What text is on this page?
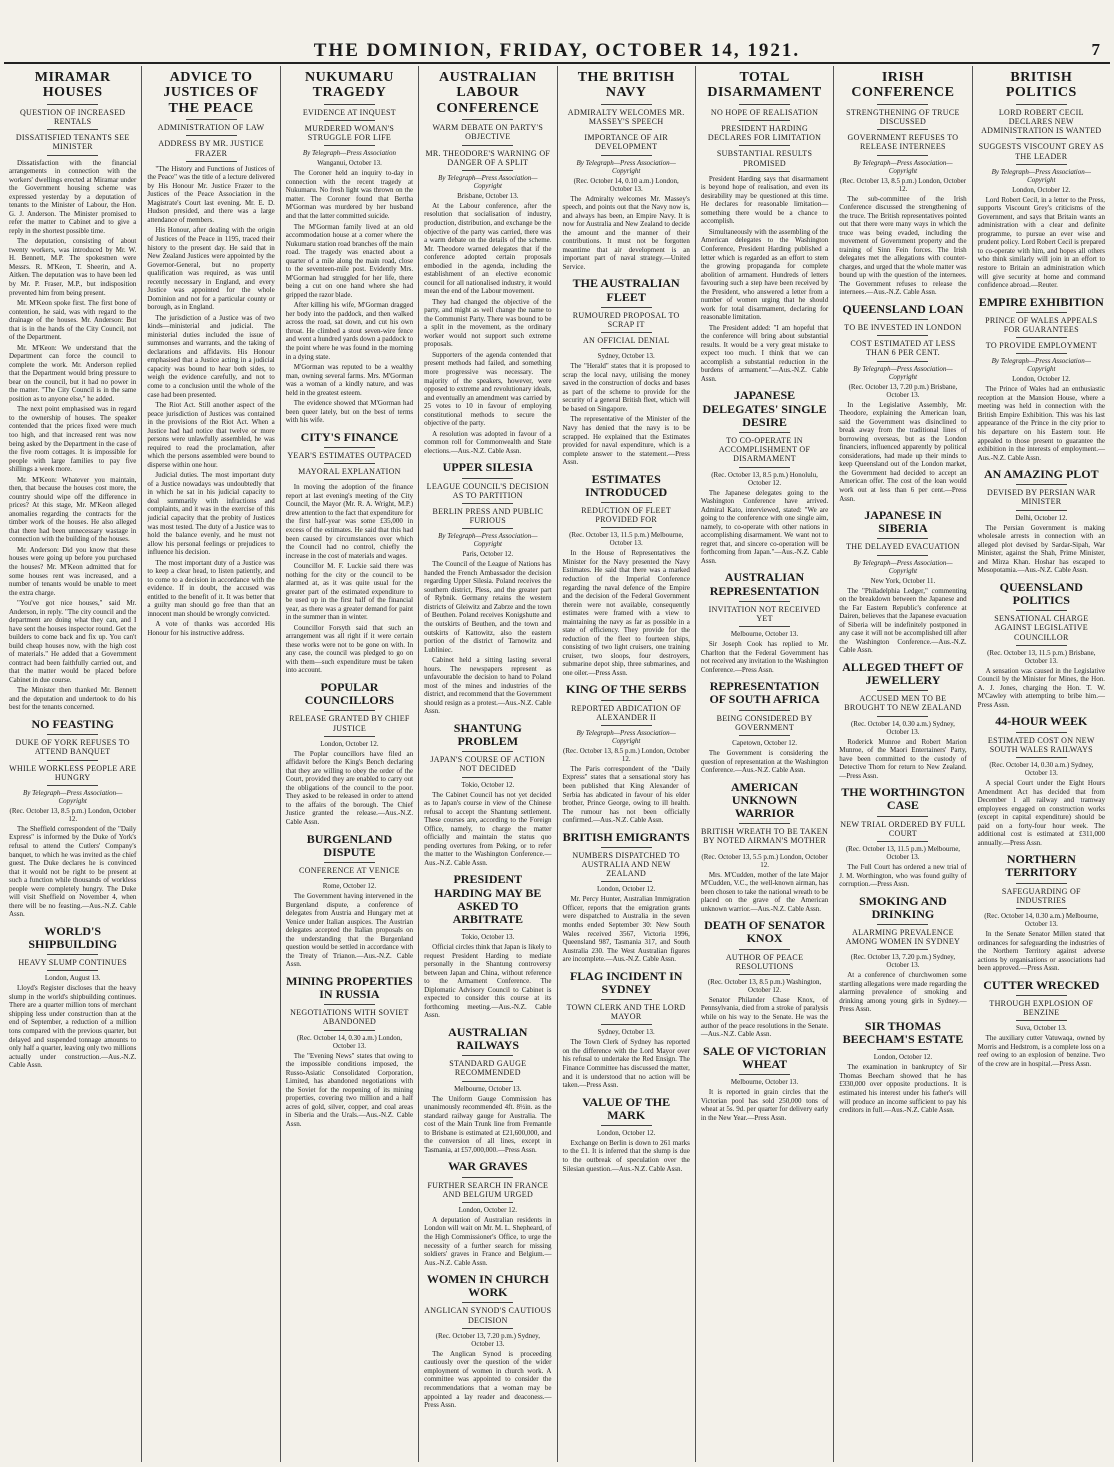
THE DOMINION, FRIDAY, OCTOBER 14, 1921.	7
MIRAMAR HOUSES
QUESTION OF INCREASED RENTALS
DISSATISFIED TENANTS SEE MINISTER

Dissatisfaction with the financial arrangements in connection with the workers' dwellings erected at Miramar under the Government housing scheme was expressed yesterday by a deputation of tenants to the Minister of Labour, the Hon. G. J. Anderson. The Minister promised to refer the matter to Cabinet and to give a reply in the shortest possible time.

The deputation, consisting of about twenty workers, was introduced by Mr. W. H. Bennett, M.P. The spokesmen were Messrs. R. M'Keon, T. Sheerin, and A. Aitken. The deputation was to have been led by Mr. P. Fraser, M.P., but indisposition prevented him from being present.

Mr. M'Keon spoke first. The first bone of contention, he said, was with regard to the drainage of the houses. Mr. Anderson: But that is in the hands of the City Council, not of the Department.

Mr. M'Keon: We understand that the Department can force the council to complete the work. Mr. Anderson replied that the Department would bring pressure to bear on the council, but it had no power in the matter. "The City Council is in the same position as to anyone else," he added.

The next point emphasised was in regard to the ownership of houses. The speaker contended that the prices fixed were much too high, and that increased rent was now being asked by the Department in the case of the five room cottages. It is impossible for people with large families to pay five shillings a week more.

Mr. M'Keon: Whatever you maintain, then, that because the houses cost more, the country should wipe off the difference in prices? At this stage, Mr. M'Keon alleged anomalies regarding the contracts for the timber work of the houses. He also alleged that there had been unnecessary wastage in connection with the building of the houses.

Mr. Anderson: Did you know that these houses were going up before you purchased the houses? Mr. M'Keon admitted that for some houses rent was increased, and a number of tenants would be unable to meet the extra charge.

"You've got nice houses," said Mr. Anderson, in reply. "The city council and the department are doing what they can, and I have sent the houses inspector round. Get the builders to come back and fix up. You can't build cheap houses now, with the high cost of materials." He added that a Government contract had been faithfully carried out, and that the matter would be placed before Cabinet in due course.

The Minister then thanked Mr. Bennett and the deputation and undertook to do his best for the tenants concerned.

NO FEASTING
DUKE OF YORK REFUSES TO ATTEND BANQUET
WHILE WORKLESS PEOPLE ARE HUNGRY
By Telegraph—Press Association—Copyright
(Rec. October 13, 8.5 p.m.) London, October 12.

The Sheffield correspondent of the "Daily Express" is informed by the Duke of York's refusal to attend the Cutlers' Company's banquet, to which he was invited as the chief guest. The Duke declares he is convinced that it would not be right to be present at such a function while thousands of workless people were completely hungry. The Duke will visit Sheffield on November 4, when there will be no feasting.—Aus.-N.Z. Cable Assn.

WORLD'S SHIPBUILDING
HEAVY SLUMP CONTINUES
London, August 13.

Lloyd's Register discloses that the heavy slump in the world's shipbuilding continues. There are a quarter million tons of merchant shipping less under construction than at the end of September, a reduction of a million tons compared with the previous quarter, but delayed and suspended tonnage amounts to only half a quarter, leaving only two millions actually under construction.—Aus.-N.Z. Cable Assn.

ADVICE TO JUSTICES OF THE PEACE
ADMINISTRATION OF LAW
ADDRESS BY MR. JUSTICE FRAZER

"The History and Functions of Justices of the Peace" was the title of a lecture delivered by His Honour Mr. Justice Frazer to the Justices of the Peace Association in the Magistrate's Court last evening. Mr. E. D. Hudson presided, and there was a large attendance of members.

His Honour, after dealing with the origin of Justices of the Peace in 1195, traced their history to the present day. He said that in New Zealand Justices were appointed by the Governor-General, but no property qualification was required, as was until recently necessary in England, and every Justice was appointed for the whole Dominion and not for a particular county or borough, as in England.

The jurisdiction of a Justice was of two kinds—ministerial and judicial. The ministerial duties included the issue of summonses and warrants, and the taking of declarations and affidavits. His Honour emphasised that a Justice acting in a judicial capacity was bound to hear both sides, to weigh the evidence carefully, and not to come to a conclusion until the whole of the case had been presented.

The Riot Act. Still another aspect of the peace jurisdiction of Justices was contained in the provisions of the Riot Act. When a Justice had had notice that twelve or more persons were unlawfully assembled, he was required to read the proclamation, after which the persons assembled were bound to disperse within one hour.

Judicial duties. The most important duty of a Justice nowadays was undoubtedly that in which he sat in his judicial capacity to deal summarily with infractions and complaints, and it was in the exercise of this judicial capacity that the probity of Justices was most tested. The duty of a Justice was to hold the balance evenly, and he must not allow his personal feelings or prejudices to influence his decision.

The most important duty of a Justice was to keep a clear head, to listen patiently, and to come to a decision in accordance with the evidence. If in doubt, the accused was entitled to the benefit of it. It was better that a guilty man should go free than that an innocent man should be wrongly convicted.

A vote of thanks was accorded His Honour for his instructive address.

NUKUMARU TRAGEDY
EVIDENCE AT INQUEST
MURDERED WOMAN'S STRUGGLE FOR LIFE
By Telegraph—Press Association
Wanganui, October 13.

The Coroner held an inquiry to-day in connection with the recent tragedy at Nukumaru. No fresh light was thrown on the matter. The Coroner found that Bertha M'Gorman was murdered by her husband and that the latter committed suicide.

The M'Gorman family lived at an old accommodation house at a corner where the Nukumaru station road branches off the main road. The tragedy was enacted about a quarter of a mile along the main road, close to the seventeen-mile post. Evidently Mrs. M'Gorman had struggled for her life, there being a cut on one hand where she had gripped the razor blade.

After killing his wife, M'Gorman dragged her body into the paddock, and then walked across the road, sat down, and cut his own throat. He climbed a stout seven-wire fence and went a hundred yards down a paddock to the point where he was found in the morning in a dying state.

M'Gorman was reputed to be a wealthy man, owning several farms. Mrs. M'Gorman was a woman of a kindly nature, and was held in the greatest esteem.

The evidence showed that M'Gorman had been queer lately, but on the best of terms with his wife.

CITY'S FINANCE
YEAR'S ESTIMATES OUTPACED
MAYORAL EXPLANATION

In moving the adoption of the finance report at last evening's meeting of the City Council, the Mayor (Mr. R. A. Wright, M.P.) drew attention to the fact that expenditure for the first half-year was some £35,000 in excess of the estimates. He said that this had been caused by circumstances over which the Council had no control, chiefly the increase in the cost of materials and wages.

Councillor M. F. Luckie said there was nothing for the city or the council to be alarmed at, as it was quite usual for the greater part of the estimated expenditure to be used up in the first half of the financial year, as there was a greater demand for paint in the summer than in winter.

Councillor Forsyth said that such an arrangement was all right if it were certain these works were not to be gone on with. In any case, the council was pledged to go on with them—such expenditure must be taken into account.

POPULAR COUNCILLORS
RELEASE GRANTED BY CHIEF JUSTICE
London, October 12.

The Poplar councillors have filed an affidavit before the King's Bench declaring that they are willing to obey the order of the Court, provided they are enabled to carry out the obligations of the council to the poor. They asked to be released in order to attend to the affairs of the borough. The Chief Justice granted the release.—Aus.-N.Z. Cable Assn.

BURGENLAND DISPUTE
CONFERENCE AT VENICE
Rome, October 12.

The Government having intervened in the Burgenland dispute, a conference of delegates from Austria and Hungary met at Venice under Italian auspices. The Austrian delegates accepted the Italian proposals on the understanding that the Burgenland question would be settled in accordance with the Treaty of Trianon.—Aus.-N.Z. Cable Assn.

MINING PROPERTIES IN RUSSIA
NEGOTIATIONS WITH SOVIET ABANDONED
(Rec. October 14, 0.30 a.m.) London, October 13.

The "Evening News" states that owing to the impossible conditions imposed, the Russo-Asiatic Consolidated Corporation, Limited, has abandoned negotiations with the Soviet for the reopening of its mining properties, covering two million and a half acres of gold, silver, copper, and coal areas in Siberia and the Urals.—Aus.-N.Z. Cable Assn.

AUSTRALIAN LABOUR CONFERENCE
WARM DEBATE ON PARTY'S OBJECTIVE
MR. THEODORE'S WARNING OF DANGER OF A SPLIT
By Telegraph—Press Association—Copyright
Brisbane, October 13.

At the Labour conference, after the resolution that socialisation of industry, production, distribution, and exchange be the objective of the party was carried, there was a warm debate on the details of the scheme. Mr. Theodore warned delegates that if the conference adopted certain proposals embodied in the agenda, including the establishment of an elective economic council for all nationalised industry, it would mean the end of the Labour movement.

They had changed the objective of the party, and might as well change the name to the Communist Party. There was bound to be a split in the movement, as the ordinary worker would not support such extreme proposals.

Supporters of the agenda contended that present methods had failed, and something more progressive was necessary. The majority of the speakers, however, were opposed to extreme and revolutionary ideals, and eventually an amendment was carried by 25 votes to 10 in favour of employing constitutional methods to secure the objective of the party.

A resolution was adopted in favour of a common roll for Commonwealth and State elections.—Aus.-N.Z. Cable Assn.

UPPER SILESIA
LEAGUE COUNCIL'S DECISION AS TO PARTITION
BERLIN PRESS AND PUBLIC FURIOUS
By Telegraph—Press Association—Copyright
Paris, October 12.

The Council of the League of Nations has handed the French Ambassador the decision regarding Upper Silesia. Poland receives the southern district, Pless, and the greater part of Rybnik. Germany retains the western districts of Gleiwitz and Zabrze and the town of Beuthen. Poland receives Konigshutte and the outskirts of Beuthen, and the town and outskirts of Kattowitz, also the eastern portion of the district of Tarnowitz and Lubliniec.

Cabinet held a sitting lasting several hours. The newspapers represent as unfavourable the decision to hand to Poland most of the mines and industries of the district, and recommend that the Government should resign as a protest.—Aus.-N.Z. Cable Assn.

SHANTUNG PROBLEM
JAPAN'S COURSE OF ACTION NOT DECIDED
Tokio, October 12.

The Cabinet Council has not yet decided as to Japan's course in view of the Chinese refusal to accept the Shantung settlement. These courses are, according to the Foreign Office, namely, to charge the matter officially and maintain the status quo pending overtures from Peking, or to refer the matter to the Washington Conference.—Aus.-N.Z. Cable Assn.

PRESIDENT HARDING MAY BE ASKED TO ARBITRATE
Tokio, October 13.

Official circles think that Japan is likely to request President Harding to mediate personally in the Shantung controversy between Japan and China, without reference to the Armament Conference. The Diplomatic Advisory Council to Cabinet is expected to consider this course at its forthcoming meeting.—Aus.-N.Z. Cable Assn.

AUSTRALIAN RAILWAYS
STANDARD GAUGE RECOMMENDED
Melbourne, October 13.

The Uniform Gauge Commission has unanimously recommended 4ft. 8½in. as the standard railway gauge for Australia. The cost of the Main Trunk line from Fremantle to Brisbane is estimated at £21,600,000, and the conversion of all lines, except in Tasmania, at £57,000,000.—Press Assn.

WAR GRAVES
FURTHER SEARCH IN FRANCE AND BELGIUM URGED
London, October 12.

A deputation of Australian residents in London will wait on Mr. M. L. Shepheard, of the High Commissioner's Office, to urge the necessity of a further search for missing soldiers' graves in France and Belgium.—Aus.-N.Z. Cable Assn.

WOMEN IN CHURCH WORK
ANGLICAN SYNOD'S CAUTIOUS DECISION
(Rec. October 13, 7.20 p.m.) Sydney, October 13.

The Anglican Synod is proceeding cautiously over the question of the wider employment of women in church work. A committee was appointed to consider the recommendations that a woman may be appointed a lay reader and deaconess.—Press Assn.

THE BRITISH NAVY
ADMIRALTY WELCOMES MR. MASSEY'S SPEECH
IMPORTANCE OF AIR DEVELOPMENT
By Telegraph—Press Association—Copyright
(Rec. October 14, 0.10 a.m.) London, October 13.

The Admiralty welcomes Mr. Massey's speech, and points out that the Navy now is, and always has been, an Empire Navy. It is now for Australia and New Zealand to decide the amount and the manner of their contributions. It must not be forgotten meantime that air development is an important part of naval strategy.—United Service.

THE AUSTRALIAN FLEET
RUMOURED PROPOSAL TO SCRAP IT
AN OFFICIAL DENIAL
Sydney, October 13.

The "Herald" states that it is proposed to scrap the local navy, utilising the money saved in the construction of docks and bases as part of the scheme to provide for the security of a general British fleet, which will be based on Singapore.

The representative of the Minister of the Navy has denied that the navy is to be scrapped. He explained that the Estimates provided for naval expenditure, which is a complete answer to the statement.—Press Assn.

ESTIMATES INTRODUCED
REDUCTION OF FLEET PROVIDED FOR
(Rec. October 13, 11.5 p.m.) Melbourne, October 13.

In the House of Representatives the Minister for the Navy presented the Navy Estimates. He said that there was a marked reduction of the Imperial Conference regarding the naval defence of the Empire and the decision of the Federal Government therein were not available, consequently estimates were framed with a view to maintaining the navy as far as possible in a state of efficiency. They provide for the reduction of the fleet to fourteen ships, consisting of two light cruisers, one training cruiser, two sloops, four destroyers, submarine depot ship, three submarines, and one oiler.—Press Assn.

KING OF THE SERBS
REPORTED ABDICATION OF ALEXANDER II
By Telegraph—Press Association—Copyright
(Rec. October 13, 8.5 p.m.) London, October 12.

The Paris correspondent of the "Daily Express" states that a sensational story has been published that King Alexander of Serbia has abdicated in favour of his elder brother, Prince George, owing to ill health. The rumour has not been officially confirmed.—Aus.-N.Z. Cable Assn.

BRITISH EMIGRANTS
NUMBERS DISPATCHED TO AUSTRALIA AND NEW ZEALAND
London, October 12.

Mr. Percy Hunter, Australian Immigration Officer, reports that the emigration grants were dispatched to Australia in the seven months ended September 30: New South Wales received 3567, Victoria 1996, Queensland 987, Tasmania 317, and South Australia 230. The West Australian figures are incomplete.—Aus.-N.Z. Cable Assn.

FLAG INCIDENT IN SYDNEY
TOWN CLERK AND THE LORD MAYOR
Sydney, October 13.

The Town Clerk of Sydney has reported on the difference with the Lord Mayor over his refusal to undertake the Red Ensign. The Finance Committee has discussed the matter, and it is understood that no action will be taken.—Press Assn.

VALUE OF THE MARK
London, October 12.

Exchange on Berlin is down to 261 marks to the £1. It is inferred that the slump is due to the outbreak of speculation over the Silesian question.—Aus.-N.Z. Cable Assn.

TOTAL DISARMAMENT
NO HOPE OF REALISATION
PRESIDENT HARDING DECLARES FOR LIMITATION
SUBSTANTIAL RESULTS PROMISED

President Harding says that disarmament is beyond hope of realisation, and even its desirability may be questioned at this time. He declares for reasonable limitation—something there would be a chance to accomplish.

Simultaneously with the assembling of the American delegates to the Washington Conference, President Harding published a letter which is regarded as an effort to stem the growing propaganda for complete abolition of armament. Hundreds of letters favouring such a step have been received by the President, who answered a letter from a number of women urging that he should work for total disarmament, declaring for reasonable limitation.

The President added: "I am hopeful that the conference will bring about substantial results. It would be a very great mistake to expect too much. I think that we can accomplish a substantial reduction in the burdens of armament."—Aus.-N.Z. Cable Assn.

JAPANESE DELEGATES' SINGLE DESIRE
TO CO-OPERATE IN ACCOMPLISHMENT OF DISARMAMENT
(Rec. October 13, 8.5 p.m.) Honolulu, October 12.

The Japanese delegates going to the Washington Conference have arrived. Admiral Kato, interviewed, stated: "We are going to the conference with one single aim, namely, to co-operate with other nations in accomplishing disarmament. We want not to regret that, and sincere co-operation will be forthcoming from Japan."—Aus.-N.Z. Cable Assn.

AUSTRALIAN REPRESENTATION
INVITATION NOT RECEIVED YET
Melbourne, October 13.

Sir Joseph Cook has replied to Mr. Charlton that the Federal Government has not received any invitation to the Washington Conference.—Press Assn.

REPRESENTATION OF SOUTH AFRICA
BEING CONSIDERED BY GOVERNMENT
Capetown, October 12.

The Government is considering the question of representation at the Washington Conference.—Aus.-N.Z. Cable Assn.

AMERICAN UNKNOWN WARRIOR
BRITISH WREATH TO BE TAKEN BY NOTED AIRMAN'S MOTHER
(Rec. October 13, 5.5 p.m.) London, October 12.

Mrs. M'Cudden, mother of the late Major M'Cudden, V.C., the well-known airman, has been chosen to take the national wreath to be placed on the grave of the American unknown warrior.—Aus.-N.Z. Cable Assn.

DEATH OF SENATOR KNOX
AUTHOR OF PEACE RESOLUTIONS
(Rec. October 13, 8.5 p.m.) Washington, October 12.

Senator Philander Chase Knox, of Pennsylvania, died from a stroke of paralysis while on his way to the Senate. He was the author of the peace resolutions in the Senate.—Aus.-N.Z. Cable Assn.

SALE OF VICTORIAN WHEAT
Melbourne, October 13.

It is reported in grain circles that the Victorian pool has sold 250,000 tons of wheat at 5s. 9d. per quarter for delivery early in the New Year.—Press Assn.

IRISH CONFERENCE
STRENGTHENING OF TRUCE DISCUSSED
GOVERNMENT REFUSES TO RELEASE INTERNEES
By Telegraph—Press Association—Copyright
(Rec. October 13, 8.5 p.m.) London, October 12.

The sub-committee of the Irish Conference discussed the strengthening of the truce. The British representatives pointed out that there were many ways in which the truce was being evaded, including the movement of Government property and the training of Sinn Fein forces. The Irish delegates met the allegations with counter-charges, and urged that the whole matter was bound up with the question of the internees. The Government refuses to release the internees.—Aus.-N.Z. Cable Assn.

QUEENSLAND LOAN
TO BE INVESTED IN LONDON
COST ESTIMATED AT LESS THAN 6 PER CENT.
By Telegraph—Press Association—Copyright
(Rec. October 13, 7.20 p.m.) Brisbane, October 13.

In the Legislative Assembly, Mr. Theodore, explaining the American loan, said the Government was disinclined to break away from the traditional lines of borrowing overseas, but as the London financiers, influenced apparently by political considerations, had made up their minds to keep Queensland out of the London market, the Government had decided to accept an American offer. The cost of the loan would work out at less than 6 per cent.—Press Assn.

JAPANESE IN SIBERIA
THE DELAYED EVACUATION
By Telegraph—Press Association—Copyright
New York, October 11.

The "Philadelphia Ledger," commenting on the breakdown between the Japanese and the Far Eastern Republic's conference at Dairen, believes that the Japanese evacuation of Siberia will be indefinitely postponed in any case it will not be accomplished till after the Washington Conference.—Aus.-N.Z. Cable Assn.

ALLEGED THEFT OF JEWELLERY
ACCUSED MEN TO BE BROUGHT TO NEW ZEALAND
(Rec. October 14, 0.30 a.m.) Sydney, October 13.

Roderick Munroe and Robert Marion Munroe, of the Maori Entertainers' Party, have been committed to the custody of Detective Thom for return to New Zealand.—Press Assn.

THE WORTHINGTON CASE
NEW TRIAL ORDERED BY FULL COURT
(Rec. October 13, 11.5 p.m.) Melbourne, October 13.

The Full Court has ordered a new trial of J. M. Worthington, who was found guilty of corruption.—Press Assn.

SMOKING AND DRINKING
ALARMING PREVALENCE AMONG WOMEN IN SYDNEY
(Rec. October 13, 7.20 p.m.) Sydney, October 13.

At a conference of churchwomen some startling allegations were made regarding the alarming prevalence of smoking and drinking among young girls in Sydney.—Press Assn.

SIR THOMAS BEECHAM'S ESTATE
London, October 12.

The examination in bankruptcy of Sir Thomas Beecham showed that he has £330,000 over opposite productions. It is estimated his interest under his father's will will produce an income sufficient to pay his creditors in full.—Aus.-N.Z. Cable Assn.

BRITISH POLITICS
LORD ROBERT CECIL DECLARES NEW ADMINISTRATION IS WANTED
SUGGESTS VISCOUNT GREY AS THE LEADER
By Telegraph—Press Association—Copyright
London, October 12.

Lord Robert Cecil, in a letter to the Press, supports Viscount Grey's criticisms of the Government, and says that Britain wants an administration with a clear and definite programme, to pursue an ever wise and prudent policy. Lord Robert Cecil is prepared to co-operate with him, and hopes all others who think similarly will join in an effort to restore to Britain an administration which will give security at home and command confidence abroad.—Reuter.

EMPIRE EXHIBITION
PRINCE OF WALES APPEALS FOR GUARANTEES
TO PROVIDE EMPLOYMENT
By Telegraph—Press Association—Copyright
London, October 12.

The Prince of Wales had an enthusiastic reception at the Mansion House, where a meeting was held in connection with the British Empire Exhibition. This was his last appearance of the Prince in the city prior to his departure on his Eastern tour. He appealed to those present to guarantee the exhibition in the interests of employment.—Aus.-N.Z. Cable Assn.

AN AMAZING PLOT
DEVISED BY PERSIAN WAR MINISTER
Delhi, October 12.

The Persian Government is making wholesale arrests in connection with an alleged plot devised by Sardar-Sipah, War Minister, against the Shah, Prime Minister, and Mirza Khan. Hoshar has escaped to Mesopotamia.—Aus.-N.Z. Cable Assn.

QUEENSLAND POLITICS
SENSATIONAL CHARGE AGAINST LEGISLATIVE COUNCILLOR
(Rec. October 13, 11.5 p.m.) Brisbane, October 13.

A sensation was caused in the Legislative Council by the Minister for Mines, the Hon. A. J. Jones, charging the Hon. T. W. M'Cawley with attempting to bribe him.—Press Assn.

44-HOUR WEEK
ESTIMATED COST ON NEW SOUTH WALES RAILWAYS
(Rec. October 14, 0.30 a.m.) Sydney, October 13.

A special Court under the Eight Hours Amendment Act has decided that from December 1 all railway and tramway employees engaged on construction works (except in capital expenditure) should be paid on a forty-four hour week. The additional cost is estimated at £311,000 annually.—Press Assn.

NORTHERN TERRITORY
SAFEGUARDING OF INDUSTRIES
(Rec. October 14, 0.30 a.m.) Melbourne, October 13.

In the Senate Senator Millen stated that ordinances for safeguarding the industries of the Northern Territory against adverse actions by organisations or associations had been approved.—Press Assn.

CUTTER WRECKED
THROUGH EXPLOSION OF BENZINE
Suva, October 13.

The auxiliary cutter Vatuwaqa, owned by Morris and Hedstrom, is a complete loss on a reef owing to an explosion of benzine. Two of the crew are in hospital.—Press Assn.
